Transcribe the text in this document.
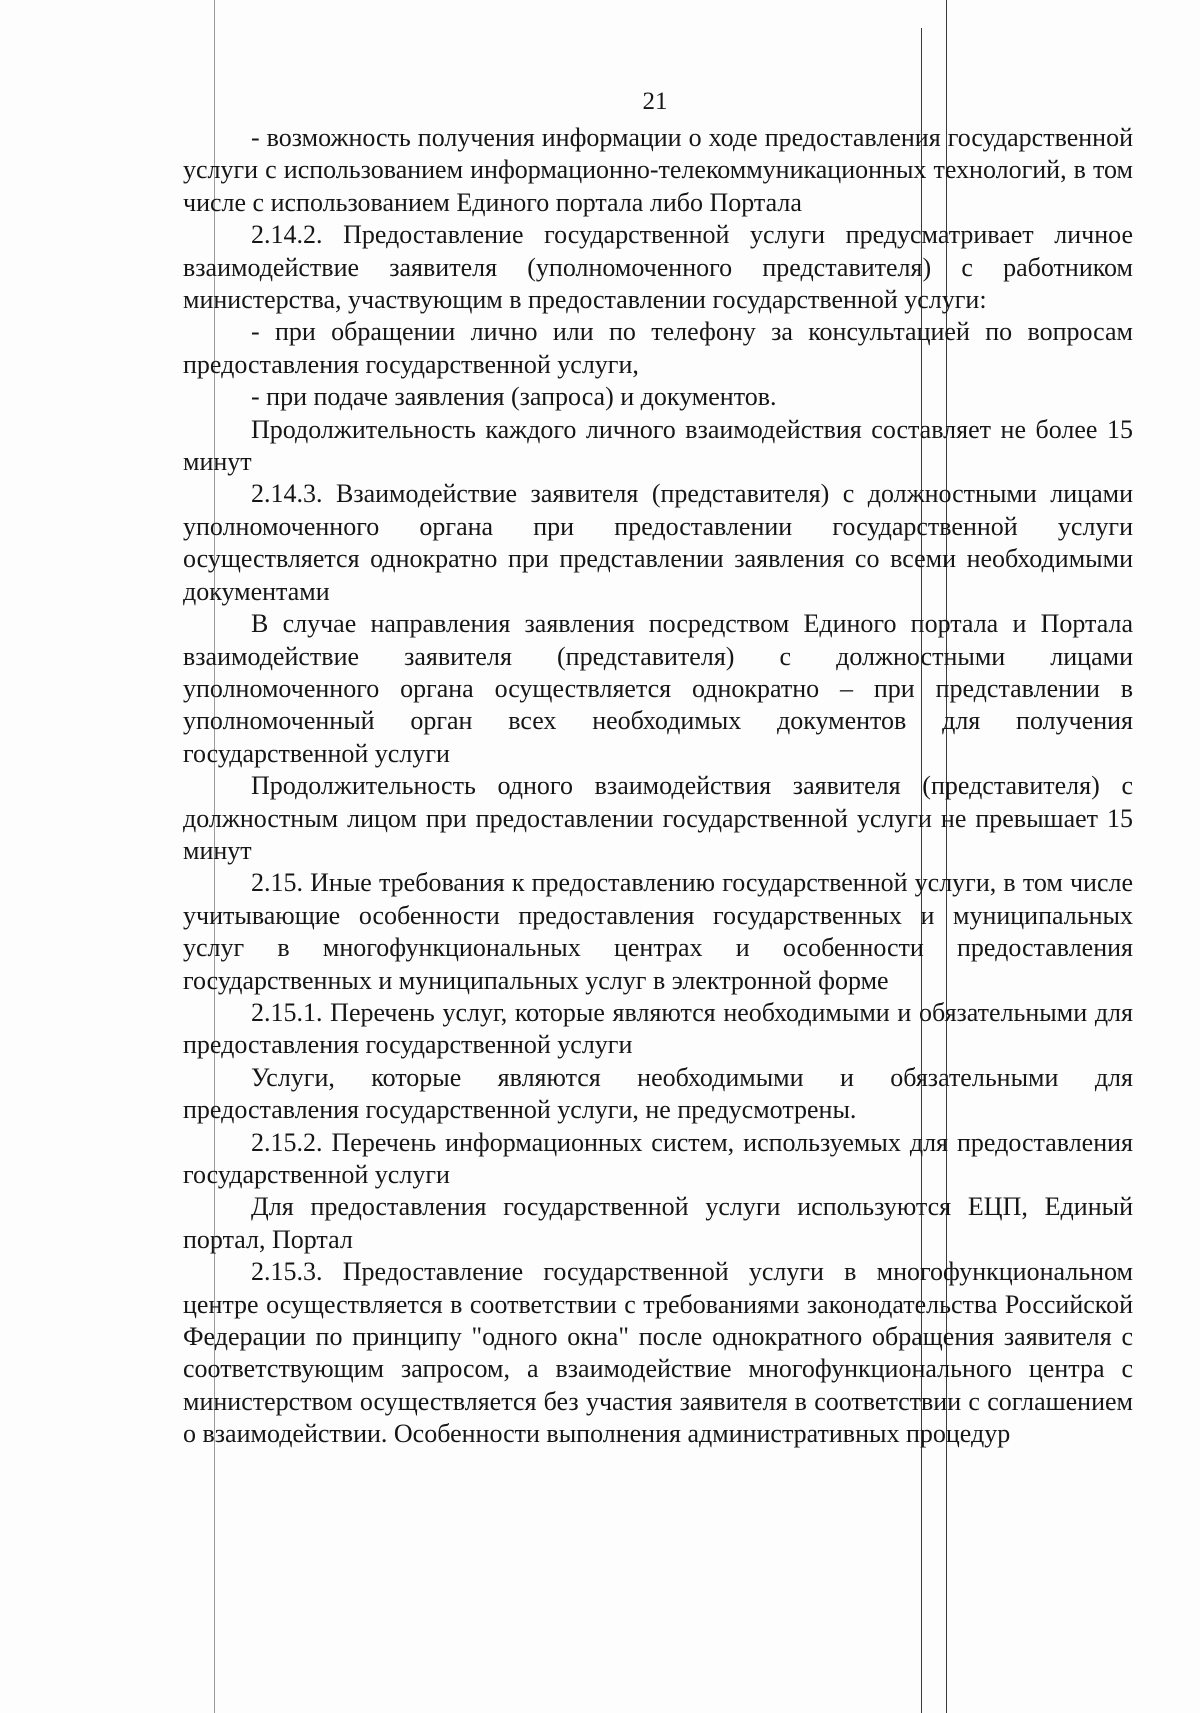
21

- возможность получения информации о ходе предоставления государственной услуги с использованием информационно-телекоммуникационных технологий, в том числе с использованием Единого портала либо Портала

2.14.2. Предоставление государственной услуги предусматривает личное взаимодействие заявителя (уполномоченного представителя) с работником министерства, участвующим в предоставлении государственной услуги:

- при обращении лично или по телефону за консультацией по вопросам предоставления государственной услуги,

- при подаче заявления (запроса) и документов.

Продолжительность каждого личного взаимодействия составляет не более 15 минут

2.14.3. Взаимодействие заявителя (представителя) с должностными лицами уполномоченного органа при предоставлении государственной услуги осуществляется однократно при представлении заявления со всеми необходимыми документами

В случае направления заявления посредством Единого портала и Портала взаимодействие заявителя (представителя) с должностными лицами уполномоченного органа осуществляется однократно – при представлении в уполномоченный орган всех необходимых документов для получения государственной услуги

Продолжительность одного взаимодействия заявителя (представителя) с должностным лицом при предоставлении государственной услуги не превышает 15 минут

2.15. Иные требования к предоставлению государственной услуги, в том числе учитывающие особенности предоставления государственных и муниципальных услуг в многофункциональных центрах и особенности предоставления государственных и муниципальных услуг в электронной форме

2.15.1. Перечень услуг, которые являются необходимыми и обязательными для предоставления государственной услуги

Услуги, которые являются необходимыми и обязательными для предоставления государственной услуги, не предусмотрены.

2.15.2. Перечень информационных систем, используемых для предоставления государственной услуги

Для предоставления государственной услуги используются ЕЦП, Единый портал, Портал

2.15.3. Предоставление государственной услуги в многофункциональном центре осуществляется в соответствии с требованиями законодательства Российской Федерации по принципу "одного окна" после однократного обращения заявителя с соответствующим запросом, а взаимодействие многофункционального центра с министерством осуществляется без участия заявителя в соответствии с соглашением о взаимодействии. Особенности выполнения административных процедур
